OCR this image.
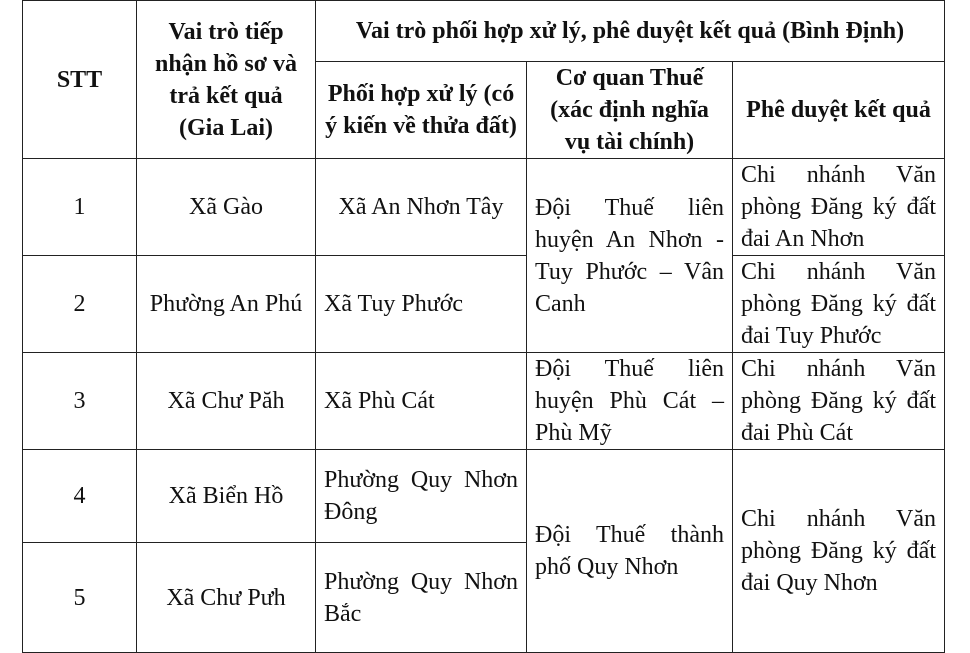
STT	Vai trò tiếp nhận hồ sơ và trả kết quả (Gia Lai)	Vai trò phối hợp xử lý, phê duyệt kết quả (Bình Định)		
		Phối hợp xử lý (có ý kiến về thửa đất)	Cơ quan Thuế (xác định nghĩa vụ tài chính)	Phê duyệt kết quả
1	Xã Gào	Xã An Nhơn Tây	Đội Thuế liên huyện An Nhơn - Tuy Phước – Vân Canh	Chi nhánh Văn phòng Đăng ký đất đai An Nhơn
2	Phường An Phú	Xã Tuy Phước		Chi nhánh Văn phòng Đăng ký đất đai Tuy Phước
3	Xã Chư Păh	Xã Phù Cát	Đội Thuế liên huyện Phù Cát – Phù Mỹ	Chi nhánh Văn phòng Đăng ký đất đai Phù Cát
4	Xã Biển Hồ	Phường Quy Nhơn Đông	Đội Thuế thành phố Quy Nhơn	Chi nhánh Văn phòng Đăng ký đất đai Quy Nhơn
5	Xã Chư Pưh	Phường Quy Nhơn Bắc		
